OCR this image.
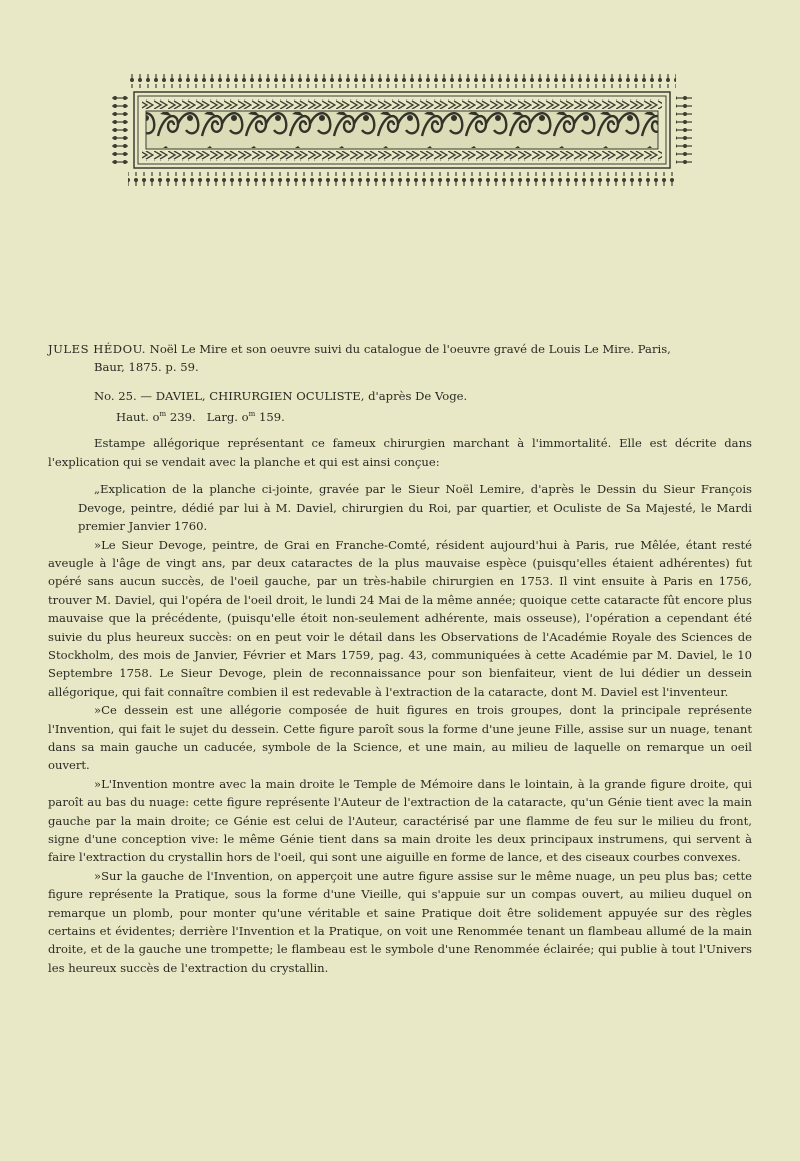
JULES HÉDOU. Noël Le Mire et son oeuvre suivi du catalogue de l'oeuvre gravé de Louis Le Mire. Paris,
Baur, 1875. p. 59.
No. 25. — DAVIEL, CHIRURGIEN OCULISTE, d'après De Voge.
Haut. $o^m$ 239. Larg. $o^m$ 159.

Estampe allégorique représentant ce fameux chirurgien marchant à l'immortalité. Elle est décrite dans l'explication qui se vendait avec la planche et qui est ainsi conçue:

„Explication de la planche ci-jointe, gravée par le Sieur Noël Lemire, d'après le Dessin du Sieur François Devoge, peintre, dédié par lui à M. Daviel, chirurgien du Roi, par quartier, et Oculiste de Sa Majesté, le Mardi premier Janvier 1760.

»Le Sieur Devoge, peintre, de Grai en Franche-Comté, résident aujourd'hui à Paris, rue Mêlée, étant resté aveugle à l'âge de vingt ans, par deux cataractes de la plus mauvaise espèce (puisqu'elles étaient adhérentes) fut opéré sans aucun succès, de l'oeil gauche, par un très-habile chirurgien en 1753. Il vint ensuite à Paris en 1756, trouver M. Daviel, qui l'opéra de l'oeil droit, le lundi 24 Mai de la même année; quoique cette cataracte fût encore plus mauvaise que la précédente, (puisqu'elle étoit non-seulement adhérente, mais osseuse), l'opération a cependant été suivie du plus heureux succès: on en peut voir le détail dans les Observations de l'Académie Royale des Sciences de Stockholm, des mois de Janvier, Février et Mars 1759, pag. 43, communiquées à cette Académie par M. Daviel, le 10 Septembre 1758. Le Sieur Devoge, plein de reconnaissance pour son bienfaiteur, vient de lui dédier un dessein allégorique, qui fait connaître combien il est redevable à l'extraction de la cataracte, dont M. Daviel est l'inventeur.

»Ce dessein est une allégorie composée de huit figures en trois groupes, dont la principale représente l'Invention, qui fait le sujet du dessein. Cette figure paroît sous la forme d'une jeune Fille, assise sur un nuage, tenant dans sa main gauche un caducée, symbole de la Science, et une main, au milieu de laquelle on remarque un oeil ouvert.

»L'Invention montre avec la main droite le Temple de Mémoire dans le lointain, à la grande figure droite, qui paroît au bas du nuage: cette figure représente l'Auteur de l'extraction de la cataracte, qu'un Génie tient avec la main gauche par la main droite; ce Génie est celui de l'Auteur, caractérisé par une flamme de feu sur le milieu du front, signe d'une conception vive: le même Génie tient dans sa main droite les deux principaux instrumens, qui servent à faire l'extraction du crystallin hors de l'oeil, qui sont une aiguille en forme de lance, et des ciseaux courbes convexes.

»Sur la gauche de l'Invention, on apperçoit une autre figure assise sur le même nuage, un peu plus bas; cette figure représente la Pratique, sous la forme d'une Vieille, qui s'appuie sur un compas ouvert, au milieu duquel on remarque un plomb, pour monter qu'une véritable et saine Pratique doit être solidement appuyée sur des règles certains et évidentes; derrière l'Invention et la Pratique, on voit une Renommée tenant un flambeau allumé de la main droite, et de la gauche une trompette; le flambeau est le symbole d'une Renommée éclairée; qui publie à tout l'Univers les heureux succès de l'extraction du crystallin.
